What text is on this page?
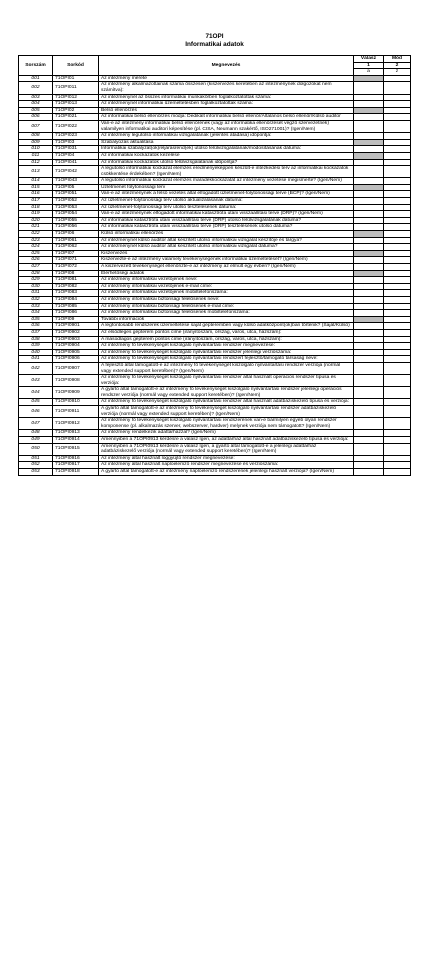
71OPI
Informatikai adatok
Sorszám	Sorkód	Megnevezés	Válasz	Mód
			1	2
			a	z
001	71OPI01	Az intézmény mérete		
002	71OPI011	Az intézmény alkalmazottainak száma összesen (kiszervezés keretében az intézménynek dolgozókat nem számítva):		
003	71OPI012	Az intézménynél az összes informatikai munkakörben foglalkoztatottak száma:		
004	71OPI013	Az intézménynél informatikai üzemeltetésben foglalkoztatottak száma:		
005	71OPI02	Belső ellenőrzés		
006	71OPI021	Az informatikai belső ellenőrzés módja: Dedikált informatikai belső ellenőr/Általános belső ellenőr/Külső auditor		
007	71OPI022	Van-e az intézmény informatikai belső ellenőrének (vagy az informatika ellenőrzését végző szervezetnek) valamilyen informatikai auditori képesítése (pl. CISA, Neumann szakértő, ISO271001)? (Igen/Nem)		
008	71OPI023	Az intézmény legutolsó informatikai vizsgálatának (jelentés átadása) időpontja:		
009	71OPI03	Szabályozás aktualitása		
010	71OPI031	Informatikai szabályzat(ok)/eljárásrend(ek) utolsó felülvizsgálatának/módosításának dátuma:		
011	71OPI04	Az informatikai kockázatok kezelése		
012	71OPI041	Az informatikai kockázatok utolsó felülvizsgálatának időpontja?		
013	71OPI042	A legutolsó informatikai kockázat elemzés eredményeképpen készült-e intézkedési terv az informatikai kockázatok csökkentése érdekében? (Igen/Nem)		
014	71OPI043	A legutolsó informatikai kockázat elemzés maradékkockázatát az intézmény vezetése megismerte? (Igen/Nem)		
015	71OPI05	Üzletmenet folytonossági terv		
016	71OPI051	Van-e az intézménynek a felső vezetés által elfogadott üzletmenet-folytonossági terve (BCP)? (Igen/Nem)		
017	71OPI052	Az üzletmenet-folytonossági terv utolsó aktualizálásának dátuma:		
018	71OPI053	Az üzletmenet-folytonossági terv utolsó tesztelésének dátuma:		
019	71OPI054	Van-e az intézménynek elfogadott informatikai katasztrófa utáni visszaállítási terve (DRP)? (Igen/Nem)		
020	71OPI055	Az informatikai katasztrófa utáni visszaállítási terve (DRP) utolsó felülvizsgálatának dátuma?		
021	71OPI056	Az informatikai katasztrófa utáni visszaállítási terve (DRP) tesztelésének utolsó dátuma?		
022	71OPI06	Külső informatikai ellenőrzés		
023	71OPI061	Az intézménynél külső auditor által készített utolsó informatikai vizsgálat készítője és tárgya?		
024	71OPI062	Az intézménynél külső auditor által készített utolsó informatikai vizsgálat dátuma?		
025	71OPI07	Kiszervezés		
026	71OPI071	Kiszervezte-e az intézmény valamely tevékenységének informatikai üzemeltetését? (Igen/Nem)		
027	71OPI072	A kiszervezett tevékenységet ellenőrizte-e az intézmény az elmúlt egy évben? (Igen/Nem)		
028	71OPI08	Elérhetőségi adatok		
029	71OPI081	Az intézmény informatikai vezetőjének neve:		
030	71OPI082	Az intézmény informatikai vezetőjének e-mail címe:		
031	71OPI083	Az intézmény informatikai vezetőjének mobiltelefonszáma:		
032	71OPI084	Az intézmény informatikai biztonsági felelősének neve:		
033	71OPI085	Az intézmény informatikai biztonsági felelősének e-mail címe:		
034	71OPI086	Az intézmény informatikai biztonsági felelősének mobiltelefonszáma:		
035	71OPI09	További információk		
036	71OPI0901	A legfontosabb rendszerek üzemeltetése saját gépteremben vagy külső adatközpont(ok)ban történik? (Saját/Külső)		
037	71OPI0902	Az elsődleges gépterem pontos címe (irányítószám, ország, város, utca, házszám):		
038	71OPI0903	A másodlagos gépterem pontos címe (irányítószám, ország, város, utca, házszám):		
039	71OPI0904	Az intézmény fő tevékenységét kiszolgáló nyilvántartási rendszer megnevezése:		
040	71OPI0905	Az intézmény fő tevékenységét kiszolgáló nyilvántartási rendszer jelenlegi verziószáma:		
041	71OPI0906	Az intézmény fő tevékenységét kiszolgáló nyilvántartási rendszert fejlesztő/támogató társaság neve:		
042	71OPI0907	A fejlesztő által támogatott-e az intézmény fő tevékenységét kiszolgáló nyilvántartási rendszer verziója (normál vagy extended support keretében)? (Igen/Nem)		
043	71OPI0908	Az intézmény fő tevékenységét kiszolgáló nyilvántartási rendszer által használt operációs rendszer típusa és verziója:		
044	71OPI0909	A gyártó által támogatott-e az intézmény fő tevékenységét kiszolgáló nyilvántartási rendszer jelenlegi operációs rendszer verziója (normál vagy extended support keretében)? (Igen/Nem)		
045	71OPI0910	Az intézmény fő tevékenységét kiszolgáló nyilvántartási rendszer által használt adatbáziskezelő típusa és verziója:		
046	71OPI0911	A gyártó által támogatott-e az intézmény fő tevékenységét kiszolgáló nyilvántartási rendszer adatbáziskezelő verziója (normál vagy extended support keretében)? (Igen/Nem)		
047	71OPI0912	Az intézmény fő tevékenységét kiszolgáló nyilvántartási rendszerének van-e bármilyen egyéb olyan rendszer komponense (pl. alkalmazás szerver, webszerver, hardver) melynek verziója nem támogatott? (Igen/Nem)		
048	71OPI0913	Az intézmény rendelkezik adattárházzal? (Igen/Nem)		
049	71OPI0914	Amennyiben a 71OPI0913 kérdésre a válasz Igen, az adattárház által használt adatbáziskezelő típusa és verziója:		
050	71OPI0915	Amennyiben a 71OPI0913 kérdésre a válasz Igen, a gyártó által támogatott-e a jelenlegi adattárház adatbáziskezelő verziója (normál vagy extended support keretében)? (Igen/Nem)		
051	71OPI0916	Az intézmény által használt loggyűjtő rendszer megnevezése:		
052	71OPI0917	Az intézmény által használt naplóelemző rendszer megnevezése és verziószáma:		
053	71OPI0918	A gyártó által támogatott-e az intézmény naplóelemző rendszerének jelenlegi használt verziója? (Igen/Nem)		
